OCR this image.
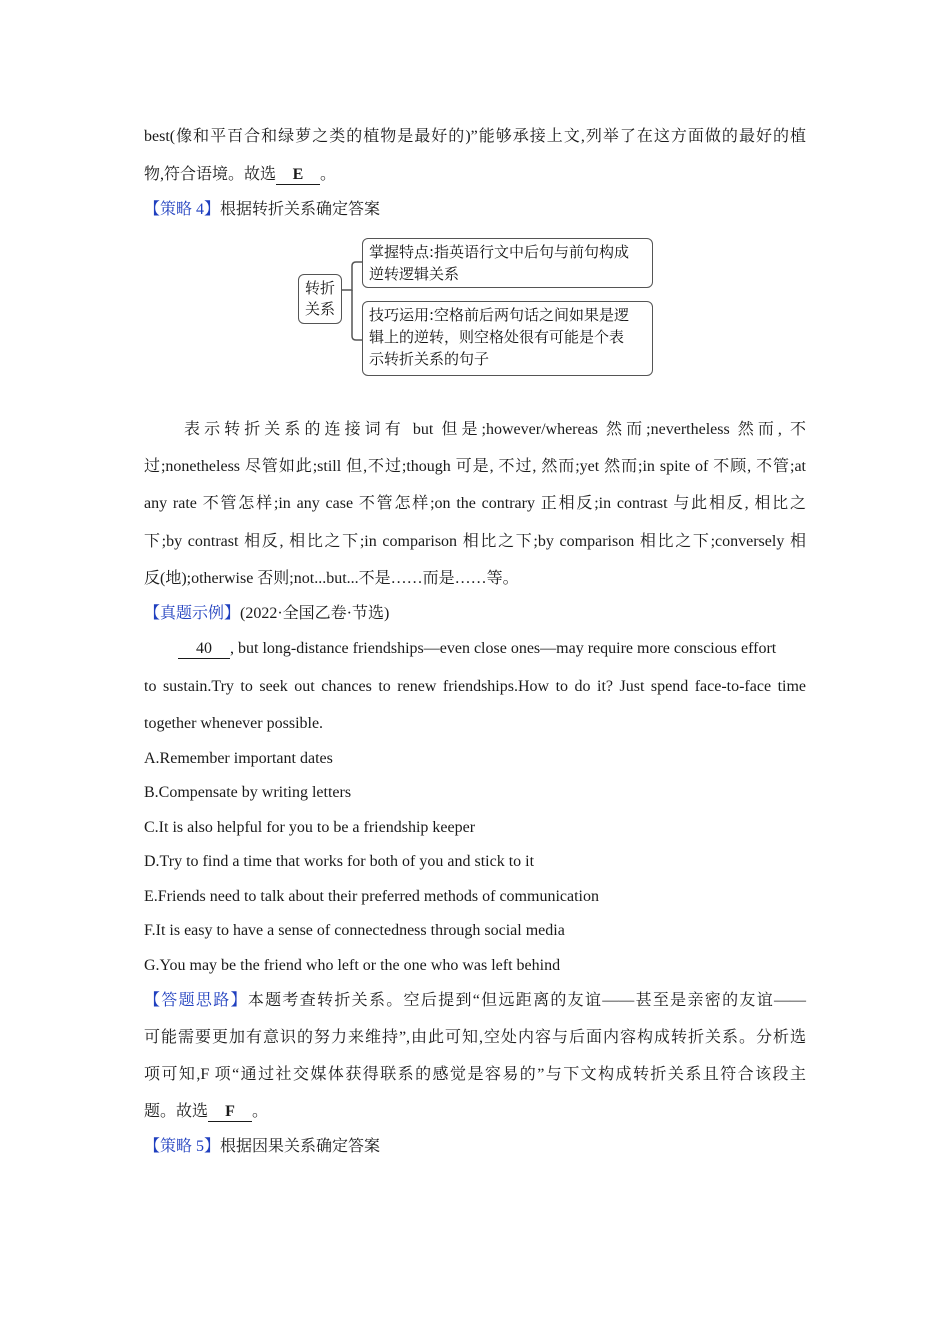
best(像和平百合和绿萝之类的植物是最好的)”能够承接上文,列举了在这方面做的最好的植
物,符合语境。故选 E 。
【策略 4】根据转折关系确定答案
转折
关系
掌握特点:指英语行文中后句与前句构成
逆转逻辑关系
技巧运用:空格前后两句话之间如果是逻
辑上的逆转，则空格处很有可能是个表
示转折关系的句子
表示转折关系的连接词有 but 但是;however/whereas 然而;nevertheless 然而, 不
过;nonetheless 尽管如此;still 但,不过;though 可是, 不过, 然而;yet 然而;in spite of 不顾, 不管;at
any rate 不管怎样;in any case 不管怎样;on the contrary 正相反;in contrast 与此相反, 相比之
下;by contrast 相反, 相比之下;in comparison 相比之下;by comparison 相比之下;conversely 相
反(地);otherwise 否则;not...but...不是……而是……等。
【真题示例】(2022·全国乙卷·节选)
40 , but long-distance friendships—even close ones—may require more conscious effort
to sustain.Try to seek out chances to renew friendships.How to do it? Just spend face-to-face time
together whenever possible.
A.Remember important dates
B.Compensate by writing letters
C.It is also helpful for you to be a friendship keeper
D.Try to find a time that works for both of you and stick to it
E.Friends need to talk about their preferred methods of communication
F.It is easy to have a sense of connectedness through social media
G.You may be the friend who left or the one who was left behind
【答题思路】本题考查转折关系。空后提到“但远距离的友谊——甚至是亲密的友谊——
可能需要更加有意识的努力来维持”,由此可知,空处内容与后面内容构成转折关系。分析选
项可知,F 项“通过社交媒体获得联系的感觉是容易的”与下文构成转折关系且符合该段主
题。故选 F 。
【策略 5】根据因果关系确定答案
